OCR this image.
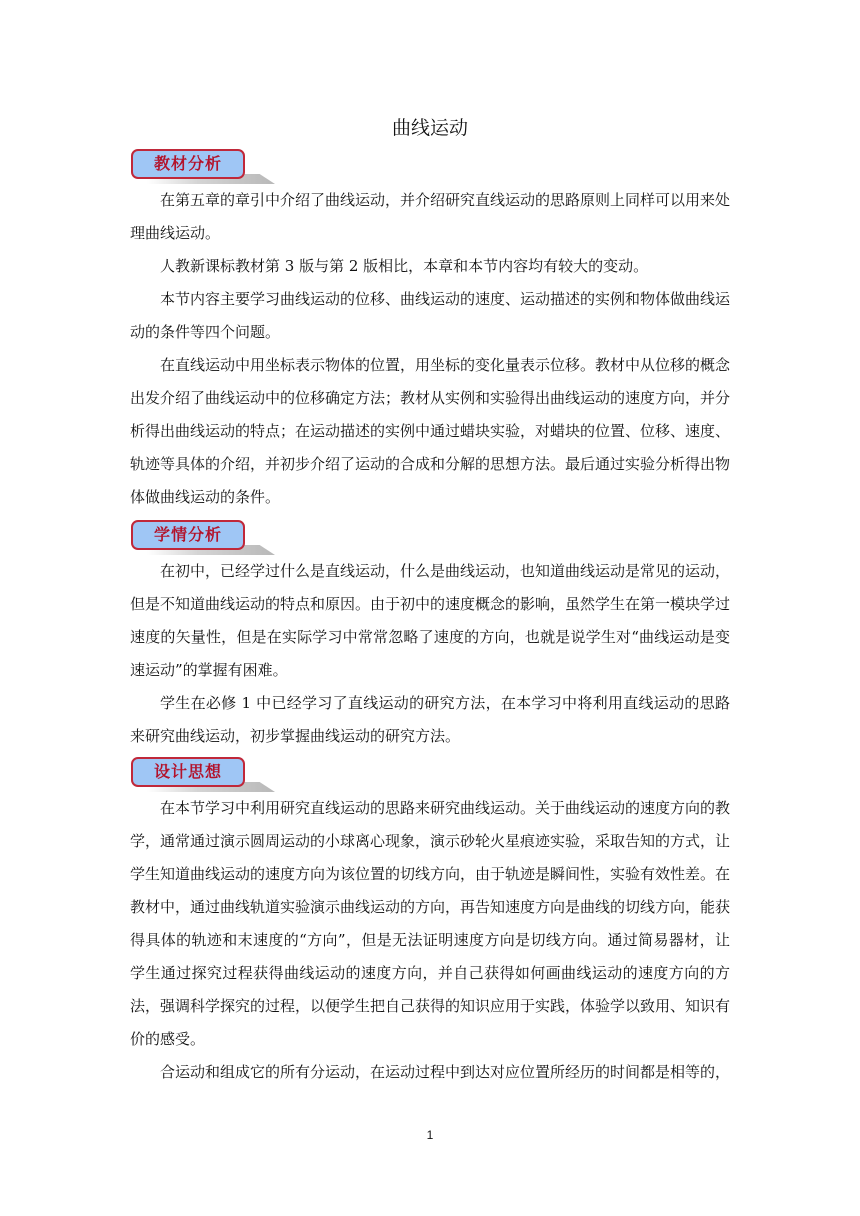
曲线运动
教材分析

在第五章的章引中介绍了曲线运动，并介绍研究直线运动的思路原则上同样可以用来处理曲线运动。

人教新课标教材第 3 版与第 2 版相比，本章和本节内容均有较大的变动。

本节内容主要学习曲线运动的位移、曲线运动的速度、运动描述的实例和物体做曲线运动的条件等四个问题。

在直线运动中用坐标表示物体的位置，用坐标的变化量表示位移。教材中从位移的概念出发介绍了曲线运动中的位移确定方法；教材从实例和实验得出曲线运动的速度方向，并分析得出曲线运动的特点；在运动描述的实例中通过蜡块实验，对蜡块的位置、位移、速度、轨迹等具体的介绍，并初步介绍了运动的合成和分解的思想方法。最后通过实验分析得出物体做曲线运动的条件。

学情分析

在初中，已经学过什么是直线运动，什么是曲线运动，也知道曲线运动是常见的运动，但是不知道曲线运动的特点和原因。由于初中的速度概念的影响，虽然学生在第一模块学过速度的矢量性，但是在实际学习中常常忽略了速度的方向，也就是说学生对“曲线运动是变速运动”的掌握有困难。

学生在必修 1 中已经学习了直线运动的研究方法，在本学习中将利用直线运动的思路来研究曲线运动，初步掌握曲线运动的研究方法。

设计思想

在本节学习中利用研究直线运动的思路来研究曲线运动。关于曲线运动的速度方向的教学，通常通过演示圆周运动的小球离心现象，演示砂轮火星痕迹实验，采取告知的方式，让学生知道曲线运动的速度方向为该位置的切线方向，由于轨迹是瞬间性，实验有效性差。在教材中，通过曲线轨道实验演示曲线运动的方向，再告知速度方向是曲线的切线方向，能获得具体的轨迹和末速度的“方向”，但是无法证明速度方向是切线方向。通过简易器材，让学生通过探究过程获得曲线运动的速度方向，并自己获得如何画曲线运动的速度方向的方法，强调科学探究的过程，以便学生把自己获得的知识应用于实践，体验学以致用、知识有价的感受。

合运动和组成它的所有分运动，在运动过程中到达对应位置所经历的时间都是相等的，

1
